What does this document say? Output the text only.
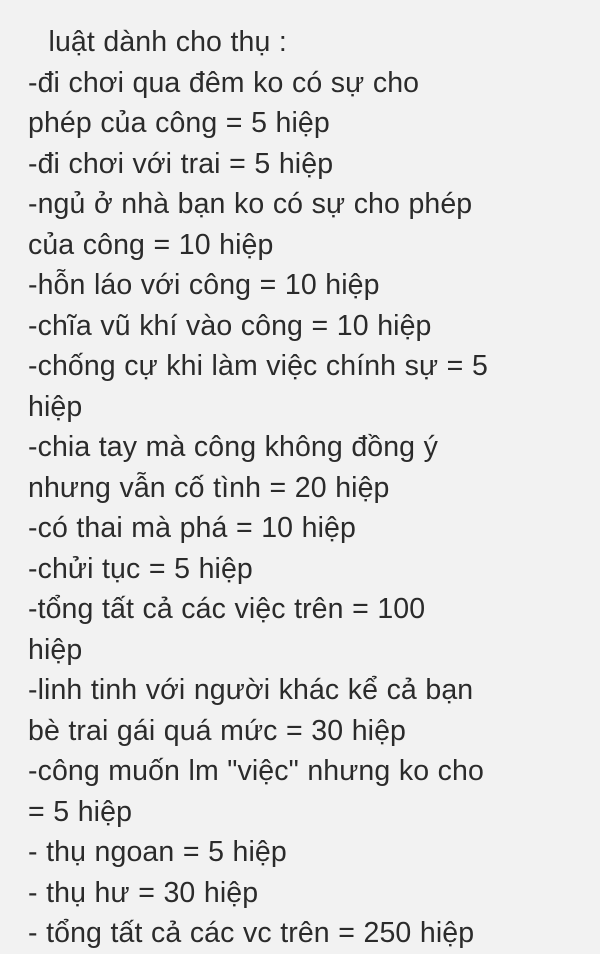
luật dành cho thụ :
-đi chơi qua đêm ko có sự cho
phép của công = 5 hiệp
-đi chơi với trai = 5 hiệp
-ngủ ở nhà bạn ko có sự cho phép
của công = 10 hiệp
-hỗn láo với công = 10 hiệp
-chĩa vũ khí vào công = 10 hiệp
-chống cự khi làm việc chính sự = 5
hiệp
-chia tay mà công không đồng ý
nhưng vẫn cố tình = 20 hiệp
-có thai mà phá = 10 hiệp
-chửi tục = 5 hiệp
-tổng tất cả các việc trên = 100
hiệp
-linh tinh với người khác kể cả bạn
bè trai gái quá mức = 30 hiệp
-công muốn lm "việc" nhưng ko cho
= 5 hiệp
- thụ ngoan = 5 hiệp
- thụ hư = 30 hiệp
- tổng tất cả các vc trên = 250 hiệp
